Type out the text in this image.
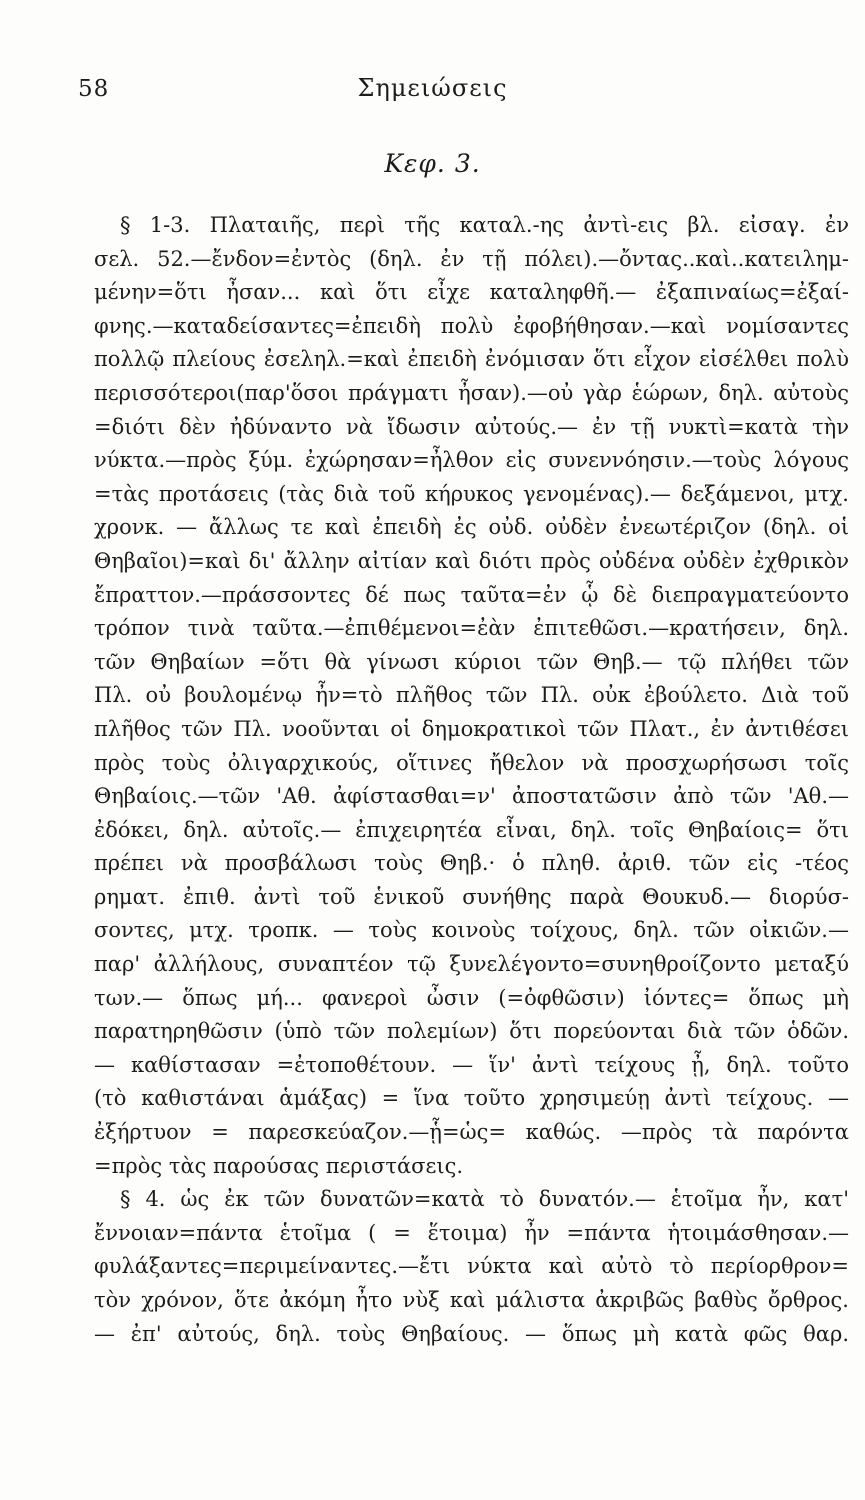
58	Σημειώσεις
Κεφ. 3.
§ 1-3. Πλαταιῆς, περὶ τῆς καταλ.-ης ἀντὶ-εις βλ. εἰσαγ. ἐν
σελ. 52.—ἔνδον=ἐντὸς (δηλ. ἐν τῇ πόλει).—ὄντας..καὶ..κατειλημ-
μένην=ὅτι ἦσαν... καὶ ὅτι εἶχε καταληφθῆ.— ἐξαπιναίως=ἐξαί-
φνης.—καταδείσαντες=ἐπειδὴ πολὺ ἐφοβήθησαν.—καὶ νομίσαντες
πολλῷ πλείους ἐσεληλ.=καὶ ἐπειδὴ ἐνόμισαν ὅτι εἶχον εἰσέλθει πολὺ
περισσότεροι(παρ'ὅσοι πράγματι ἦσαν).—οὐ γὰρ ἑώρων, δηλ. αὐτοὺς
=διότι δὲν ἠδύναντο νὰ ἴδωσιν αὐτούς.— ἐν τῇ νυκτὶ=κατὰ τὴν
νύκτα.—πρὸς ξύμ. ἐχώρησαν=ἦλθον εἰς συνεννόησιν.—τοὺς λόγους
=τὰς προτάσεις (τὰς διὰ τοῦ κήρυκος γενομένας).— δεξάμενοι, μτχ.
χρονκ. — ἄλλως τε καὶ ἐπειδὴ ἐς οὐδ. οὐδὲν ἐνεωτέριζον (δηλ. οἱ
Θηβαῖοι)=καὶ δι' ἄλλην αἰτίαν καὶ διότι πρὸς οὐδένα οὐδὲν ἐχθρικὸν
ἔπραττον.—πράσσοντες δέ πως ταῦτα=ἐν ᾧ δὲ διεπραγματεύοντο
τρόπον τινὰ ταῦτα.—ἐπιθέμενοι=ἐὰν ἐπιτεθῶσι.—κρατήσειν, δηλ.
τῶν Θηβαίων =ὅτι θὰ γίνωσι κύριοι τῶν Θηβ.— τῷ πλήθει τῶν
Πλ. οὐ βουλομένῳ ἦν=τὸ πλῆθος τῶν Πλ. οὐκ ἐβούλετο. Διὰ τοῦ
πλῆθος τῶν Πλ. νοοῦνται οἱ δημοκρατικοὶ τῶν Πλατ., ἐν ἀντιθέσει
πρὸς τοὺς ὀλιγαρχικούς, οἵτινες ἤθελον νὰ προσχωρήσωσι τοῖς
Θηβαίοις.—τῶν 'Αθ. ἀφίστασθαι=ν' ἀποστατῶσιν ἀπὸ τῶν 'Αθ.—
ἐδόκει, δηλ. αὐτοῖς.— ἐπιχειρητέα εἶναι, δηλ. τοῖς Θηβαίοις= ὅτι
πρέπει νὰ προσβάλωσι τοὺς Θηβ.· ὁ πληθ. ἀριθ. τῶν εἰς -τέος
ρηματ. ἐπιθ. ἀντὶ τοῦ ἑνικοῦ συνήθης παρὰ Θουκυδ.— διορύσ-
σοντες, μτχ. τροπκ. — τοὺς κοινοὺς τοίχους, δηλ. τῶν οἰκιῶν.—
παρ' ἀλλήλους, συναπτέον τῷ ξυνελέγοντο=συνηθροίζοντο μεταξύ
των.— ὅπως μή... φανεροὶ ὦσιν (=ὀφθῶσιν) ἰόντες= ὅπως μὴ
παρατηρηθῶσιν (ὑπὸ τῶν πολεμίων) ὅτι πορεύονται διὰ τῶν ὁδῶν.
— καθίστασαν =ἐτοποθέτουν. — ἵν' ἀντὶ τείχους ᾖ, δηλ. τοῦτο
(τὸ καθιστάναι ἁμάξας) = ἵνα τοῦτο χρησιμεύῃ ἀντὶ τείχους. —
ἐξήρτυον = παρεσκεύαζον.—ᾗ=ὡς= καθώς. —πρὸς τὰ παρόντα
=πρὸς τὰς παρούσας περιστάσεις.
§ 4. ὡς ἐκ τῶν δυνατῶν=κατὰ τὸ δυνατόν.— ἑτοῖμα ἦν, κατ'
ἔννοιαν=πάντα ἑτοῖμα ( = ἕτοιμα) ἦν =πάντα ἡτοιμάσθησαν.—
φυλάξαντες=περιμείναντες.—ἔτι νύκτα καὶ αὐτὸ τὸ περίορθρον=
τὸν χρόνον, ὅτε ἀκόμη ἦτο νὺξ καὶ μάλιστα ἀκριβῶς βαθὺς ὄρθρος.
— ἐπ' αὐτούς, δηλ. τοὺς Θηβαίους. — ὅπως μὴ κατὰ φῶς θαρ.
